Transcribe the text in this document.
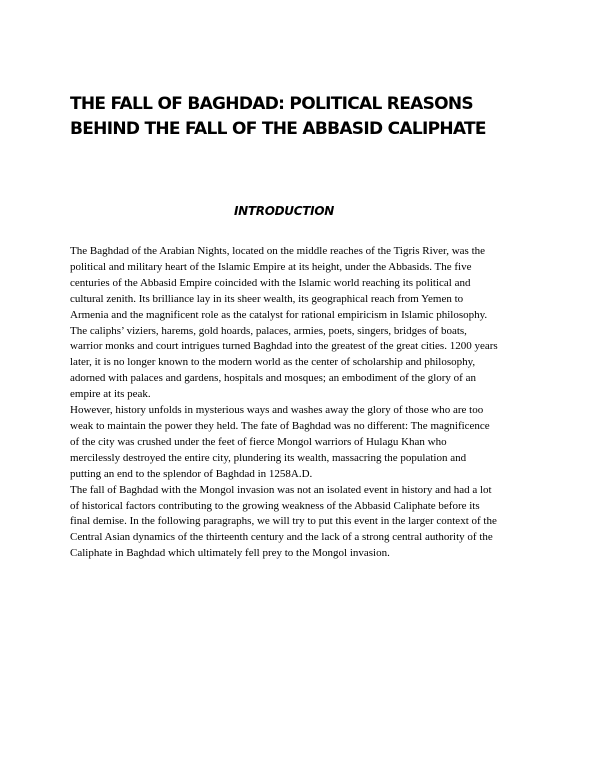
THE FALL OF BAGHDAD: POLITICAL REASONS
BEHIND THE FALL OF THE ABBASID CALIPHATE
INTRODUCTION
The Baghdad of the Arabian Nights, located on the middle reaches of the Tigris River, was the
political and military heart of the Islamic Empire at its height, under the Abbasids. The five
centuries of the Abbasid Empire coincided with the Islamic world reaching its political and
cultural zenith. Its brilliance lay in its sheer wealth, its geographical reach from Yemen to
Armenia and the magnificent role as the catalyst for rational empiricism in Islamic philosophy.
The caliphs’ viziers, harems, gold hoards, palaces, armies, poets, singers, bridges of boats,
warrior monks and court intrigues turned Baghdad into the greatest of the great cities. 1200 years
later, it is no longer known to the modern world as the center of scholarship and philosophy,
adorned with palaces and gardens, hospitals and mosques; an embodiment of the glory of an
empire at its peak.
However, history unfolds in mysterious ways and washes away the glory of those who are too
weak to maintain the power they held. The fate of Baghdad was no different: The magnificence
of the city was crushed under the feet of fierce Mongol warriors of Hulagu Khan who
mercilessly destroyed the entire city, plundering its wealth, massacring the population and
putting an end to the splendor of Baghdad in 1258A.D.
The fall of Baghdad with the Mongol invasion was not an isolated event in history and had a lot
of historical factors contributing to the growing weakness of the Abbasid Caliphate before its
final demise. In the following paragraphs, we will try to put this event in the larger context of the
Central Asian dynamics of the thirteenth century and the lack of a strong central authority of the
Caliphate in Baghdad which ultimately fell prey to the Mongol invasion.
